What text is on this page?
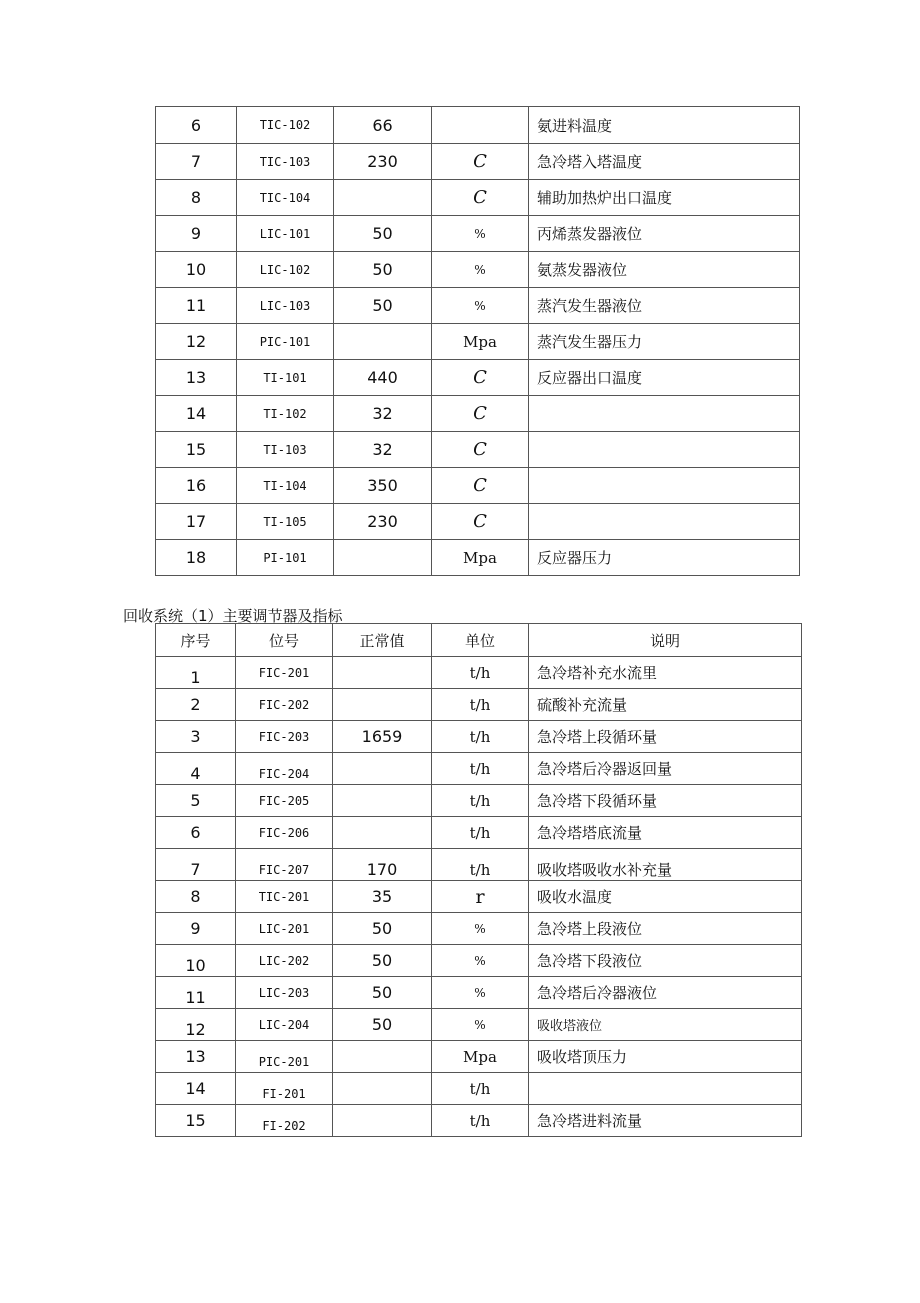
6	TIC-102	66		氨进料温度
7	TIC-103	230	C	急冷塔入塔温度
8	TIC-104		C	辅助加热炉出口温度
9	LIC-101	50	%	丙烯蒸发器液位
10	LIC-102	50	%	氨蒸发器液位
11	LIC-103	50	%	蒸汽发生器液位
12	PIC-101		Mpa	蒸汽发生器压力
13	TI-101	440	C	反应器出口温度
14	TI-102	32	C	
15	TI-103	32	C	
16	TI-104	350	C	
17	TI-105	230	C	
18	PI-101		Mpa	反应器压力
回收系统（1）主要调节器及指标
序号	位号	正常值	单位	说明
1	FIC-201		t/h	急冷塔补充水流里
2	FIC-202		t/h	硫酸补充流量
3	FIC-203	1659	t/h	急冷塔上段循环量
4	FIC-204		t/h	急冷塔后冷器返回量
5	FIC-205		t/h	急冷塔下段循环量
6	FIC-206		t/h	急冷塔塔底流量
7	FIC-207	170	t/h	吸收塔吸收水补充量
8	TIC-201	35	r	吸收水温度
9	LIC-201	50	%	急冷塔上段液位
10	LIC-202	50	%	急冷塔下段液位
11	LIC-203	50	%	急冷塔后冷器液位
12	LIC-204	50	%	吸收塔液位
13	PIC-201		Mpa	吸收塔顶压力
14	FI-201		t/h	
15	FI-202		t/h	急冷塔进料流量
